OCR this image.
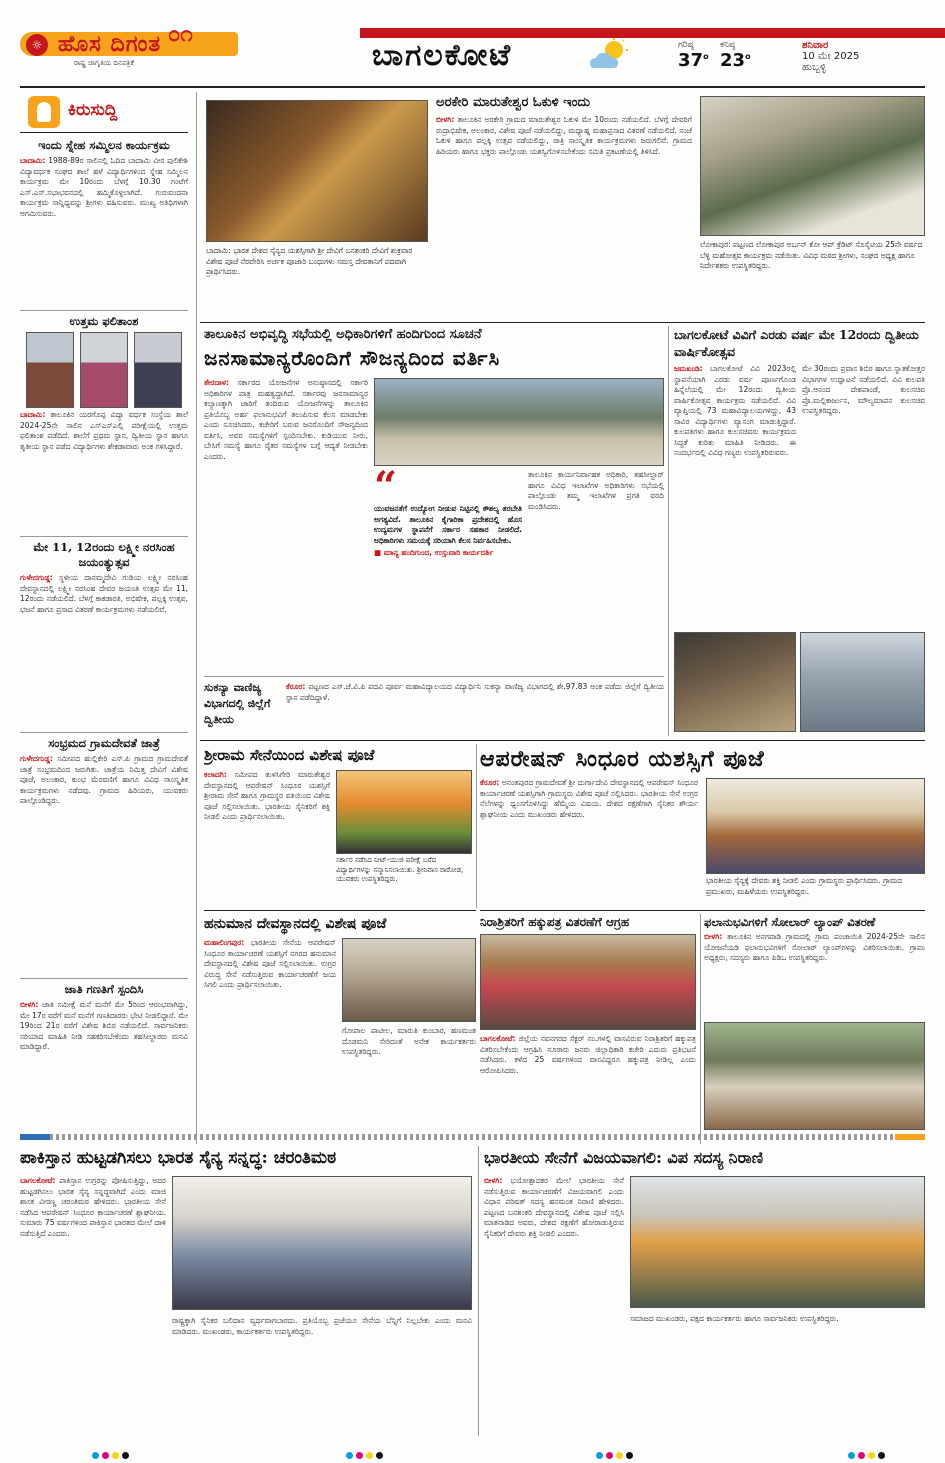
☼ ಹೊಸ ದಿಗಂತ
ರಾಷ್ಟ್ರ ಜಾಗೃತಿಯ ದಿನಪತ್ರಿಕೆ
೦೧
ಬಾಗಲಕೋಟೆ	ಗರಿಷ್ಠ
37$^o$
ಕನಿಷ್ಠ
23$^o$
ಶನಿವಾರ
10 ಮೇ 2025
ಹುಬ್ಬಳ್ಳಿ
ಕಿರುಸುದ್ದಿ
ಇಂದು ಸ್ನೇಹ ಸಮ್ಮಿಲನ ಕಾರ್ಯಕ್ರಮ
ಬಾದಾಮಿ: 1988-89ರ ಸಾಲಿನಲ್ಲಿ ಓದಿದ ಬಾದಾಮಿ ವೀರ ಪುಲಿಕೇಶಿ ವಿದ್ಯಾವರ್ಧಕ ಸಂಘದ ಶಾಲೆ ಹಳೆ ವಿದ್ಯಾರ್ಥಿಗಳಿಂದ ಸ್ನೇಹ ಸಮ್ಮಿಲನ ಕಾರ್ಯಕ್ರಮ ಮೇ 10ರಂದು ಬೆಳಗ್ಗೆ 10.30 ಗಂಟೆಗೆ ಎಸ್.ಎಸ್.ಸಭಾಭವನದಲ್ಲಿ ಹಮ್ಮಿಕೊಳ್ಳಲಾಗಿದೆ. ಗುರುವಂದನಾ ಕಾರ್ಯಕ್ರಮ ಸಾನ್ನಿಧ್ಯವನ್ನು ಶ್ರೀಗಳು ವಹಿಸುವರು. ಮುಖ್ಯ ಅತಿಥಿಗಳಾಗಿ ಆಗಮಿಸುವರು.
ಉತ್ತಮ ಫಲಿತಾಂಶ
ಬಾದಾಮಿ: ತಾಲೂಕಿನ ಯರಗೊಪ್ಪ ವಿದ್ಯಾ ವರ್ಧಕ ಸಂಸ್ಥೆಯ ಶಾಲೆ 2024-25ನೇ ಸಾಲಿನ ಎಸ್ಎಸ್ಎಲ್ಸಿ ಪರೀಕ್ಷೆಯಲ್ಲಿ ಉತ್ತಮ ಫಲಿತಾಂಶ ಪಡೆದಿದೆ. ಶಾಲೆಗೆ ಪ್ರಥಮ ಸ್ಥಾನ, ದ್ವಿತೀಯ ಸ್ಥಾನ ಹಾಗೂ ತೃತೀಯ ಸ್ಥಾನ ಪಡೆದ ವಿದ್ಯಾರ್ಥಿಗಳು ಶೇಕಡಾವಾರು ಅಂಕ ಗಳಿಸಿದ್ದಾರೆ.
ಮೇ 11, 12ರಂದು ಲಕ್ಷ್ಮೀ ನರಸಿಂಹ ಜಯಂತ್ಯುತ್ಸವ
ಗುಳೇದಗುಡ್ಡ: ಸ್ಥಳೀಯ ದಾನಮ್ಮದೇವಿ ಗುಡಿಯ ಲಕ್ಷ್ಮೀ ನರಸಿಂಹ ದೇವಸ್ಥಾನದಲ್ಲಿ ಲಕ್ಷ್ಮೀ ನರಸಿಂಹ ದೇವರ ಜಯಂತಿ ಉತ್ಸವ ಮೇ 11, 12ರಂದು ನಡೆಯಲಿದೆ. ಬೆಳಗ್ಗೆ ಕಾಕಡಾರತಿ, ಅಭಿಷೇಕ, ಪಲ್ಲಕ್ಕಿ ಉತ್ಸವ, ಭಜನೆ ಹಾಗೂ ಪ್ರಸಾದ ವಿತರಣೆ ಕಾರ್ಯಕ್ರಮಗಳು ನಡೆಯಲಿವೆ.
ಸಂಭ್ರಮದ ಗ್ರಾಮದೇವತೆ ಜಾತ್ರೆ
ಗುಳೇದಗುಡ್ಡ: ಸಮೀಪದ ಹುಲ್ಲಿಕೇರಿ ಎಸ್.ಪಿ ಗ್ರಾಮದ ಗ್ರಾಮದೇವತೆ ಜಾತ್ರೆ ಸಂಭ್ರಮದಿಂದ ಜರುಗಿತು. ಜಾತ್ರೆಯ ನಿಮಿತ್ತ ದೇವಿಗೆ ವಿಶೇಷ ಪೂಜೆ, ಅಲಂಕಾರ, ಕುಂಭ ಮೆರವಣಿಗೆ ಹಾಗೂ ವಿವಿಧ ಸಾಂಸ್ಕೃತಿಕ ಕಾರ್ಯಕ್ರಮಗಳು ನಡೆದವು. ಗ್ರಾಮದ ಹಿರಿಯರು, ಯುವಕರು ಪಾಲ್ಗೊಂಡಿದ್ದರು.
ಜಾತಿ ಗಣತಿಗೆ ಸ್ಪಂದಿಸಿ
ಬೀಳಗಿ: ಜಾತಿ ಸಮೀಕ್ಷೆ ಮನೆ ಮನೆಗೆ ಮೇ 5ರಿಂದ ಆರಂಭವಾಗಿದ್ದು, ಮೇ 17ರ ವರೆಗೆ ಮನೆ ಮನೆಗೆ ಗಣತಿದಾರರು ಭೇಟಿ ನೀಡಲಿದ್ದಾರೆ. ಮೇ 19ರಿಂದ 21ರ ವರೆಗೆ ವಿಶೇಷ ಶಿಬಿರ ನಡೆಯಲಿದೆ. ಸಾರ್ವಜನಿಕರು ಸರಿಯಾದ ಮಾಹಿತಿ ನೀಡಿ ಸಹಕರಿಸಬೇಕೆಂದು ತಹಸೀಲ್ದಾರರು ಮನವಿ ಮಾಡಿದ್ದಾರೆ.
ಬಾದಾಮಿ: ಭಾರತ ದೇಶದ ಸೈನ್ಯದ ಯಶಸ್ಸಿಗಾಗಿ ಶ್ರೀ ದೇವಿಗೆ ಬನಶಂಕರಿ ದೇವಿಗೆ ಶುಕ್ರವಾರ ವಿಶೇಷ ಪೂಜೆ ನೆರವೇರಿಸಿ ಅರ್ಚಕ ಪೂಜಾರಿ ಬಂಧುಗಳು ಸಮಸ್ತ ದೇವತಾನಿಗೆ ಪದವಾಗಿ ಪ್ರಾರ್ಥಿಸಿದರು.
ಅರಕೇರಿ ಮಾರುತೇಶ್ವರ ಓಕುಳಿ ಇಂದು
ಬೀಳಗಿ: ತಾಲೂಕಿನ ಅರಕೇರಿ ಗ್ರಾಮದ ಮಾರುತೇಶ್ವರ ಓಕುಳಿ ಮೇ 10ರಂದು ನಡೆಯಲಿದೆ. ಬೆಳಗ್ಗೆ ದೇವರಿಗೆ ರುದ್ರಾಭಿಷೇಕ, ಅಲಂಕಾರ, ವಿಶೇಷ ಪೂಜೆ ನಡೆಯಲಿದ್ದು, ಮಧ್ಯಾಹ್ನ ಮಹಾಪ್ರಸಾದ ವಿತರಣೆ ನಡೆಯಲಿದೆ. ಸಂಜೆ ಓಕುಳಿ ಹಾಗೂ ಪಲ್ಲಕ್ಕಿ ಉತ್ಸವ ನಡೆಯಲಿದ್ದು, ರಾತ್ರಿ ಸಾಂಸ್ಕೃತಿಕ ಕಾರ್ಯಕ್ರಮಗಳು ಜರುಗಲಿವೆ. ಗ್ರಾಮದ ಹಿರಿಯರು ಹಾಗೂ ಭಕ್ತರು ಪಾಲ್ಗೊಂಡು ಯಶಸ್ವಿಗೊಳಿಸಬೇಕೆಂದು ಸಮಿತಿ ಪ್ರಕಟಣೆಯಲ್ಲಿ ತಿಳಿಸಿದೆ.
ಲೋಕಾಪುರ: ಪಟ್ಟಣದ ಲೋಕಾಪುರ ಅರ್ಬನ್ ಕೋ ಆಪ್ ಕ್ರೆಡಿಟ್ ಸೊಸೈಟಿಯ 25ನೇ ವರ್ಷದ ಬೆಳ್ಳಿ ಮಹೋತ್ಸವ ಕಾರ್ಯಕ್ರಮ ನಡೆಯಿತು. ವಿವಿಧ ಮಠದ ಶ್ರೀಗಳು, ಸಂಘದ ಅಧ್ಯಕ್ಷ ಹಾಗೂ ನಿರ್ದೇಶಕರು ಉಪಸ್ಥಿತರಿದ್ದರು.
ತಾಲೂಕಿನ ಅಭಿವೃದ್ಧಿ ಸಭೆಯಲ್ಲಿ ಅಧಿಕಾರಿಗಳಿಗೆ ಹಂದಿಗುಂದ ಸೂಚನೆ
ಜನಸಾಮಾನ್ಯರೊಂದಿಗೆ ಸೌಜನ್ಯದಿಂದ ವರ್ತಿಸಿ
ತೇರದಾಳ: ಸರ್ಕಾರದ ಯೋಜನೆಗಳ ಅನುಷ್ಠಾನದಲ್ಲಿ ಸರ್ಕಾರಿ ಅಧಿಕಾರಿಗಳ ಪಾತ್ರ ಮಹತ್ವದ್ದಾಗಿದೆ. ಸರ್ಕಾರವು ಜನಸಾಮಾನ್ಯರ ಕಲ್ಯಾಣಕ್ಕಾಗಿ ಜಾರಿಗೆ ತಂದಿರುವ ಯೋಜನೆಗಳನ್ನು ತಾಲೂಕಿನ ಪ್ರತಿಯೊಬ್ಬ ಅರ್ಹ ಫಲಾನುಭವಿಗೆ ತಲುಪಿಸುವ ಕೆಲಸ ಮಾಡಬೇಕು ಎಂದು ಸೂಚಿಸಿದರು. ಕಚೇರಿಗೆ ಬರುವ ಜನರೊಂದಿಗೆ ಸೌಜನ್ಯದಿಂದ ವರ್ತಿಸಿ, ಅವರ ಸಮಸ್ಯೆಗಳಿಗೆ ಸ್ಪಂದಿಸಬೇಕು. ಕುಡಿಯುವ ನೀರು, ಬೇಸಿಗೆ ಸಮಸ್ಯೆ ಹಾಗೂ ರೈತರ ಸಮಸ್ಯೆಗಳ ಬಗ್ಗೆ ಆದ್ಯತೆ ನೀಡಬೇಕು ಎಂದರು.
“
ಯುವಜನತೆಗೆ ಉದ್ಯೋಗ ನೀಡುವ ನಿಟ್ಟಿನಲ್ಲಿ ಕೌಶಲ್ಯ ತರಬೇತಿ ಅಗತ್ಯವಿದೆ. ತಾಲೂಕಿನ ಕೈಗಾರಿಕಾ ಪ್ರದೇಶದಲ್ಲಿ ಹೊಸ ಉದ್ಯಮಗಳ ಸ್ಥಾಪನೆಗೆ ಸರ್ಕಾರ ಸಹಕಾರ ನೀಡಲಿದೆ. ಅಧಿಕಾರಿಗಳು ಸಮಯಕ್ಕೆ ಸರಿಯಾಗಿ ಕೆಲಸ ನಿರ್ವಹಿಸಬೇಕು.
■ ಮಾನ್ಯ ಹಂದಿಗುಂದ, ಉಸ್ತುವಾರಿ ಕಾರ್ಯದರ್ಶಿ
ತಾಲೂಕಿನ ಕಾರ್ಯನಿರ್ವಾಹಕ ಅಧಿಕಾರಿ, ತಹಸೀಲ್ದಾರ್ ಹಾಗೂ ವಿವಿಧ ಇಲಾಖೆಗಳ ಅಧಿಕಾರಿಗಳು ಸಭೆಯಲ್ಲಿ ಪಾಲ್ಗೊಂಡು ತಮ್ಮ ಇಲಾಖೆಗಳ ಪ್ರಗತಿ ವರದಿ ಮಂಡಿಸಿದರು.
ಸುಕನ್ಯಾ ವಾಣಿಜ್ಯ ವಿಭಾಗದಲ್ಲಿ ಜಿಲ್ಲೆಗೆ ದ್ವಿತೀಯ
ಕೆರೂರ: ಪಟ್ಟಣದ ಎಸ್.ಜೆ.ವಿ.ಪಿ ಪದವಿ ಪೂರ್ವ ಮಹಾವಿದ್ಯಾಲಯದ ವಿದ್ಯಾರ್ಥಿನಿ ಸುಕನ್ಯಾ ವಾಣಿಜ್ಯ ವಿಭಾಗದಲ್ಲಿ ಶೇ.97.83 ಅಂಕ ಪಡೆದು ಜಿಲ್ಲೆಗೆ ದ್ವಿತೀಯ ಸ್ಥಾನ ಪಡೆದಿದ್ದಾಳೆ.
ಬಾಗಲಕೋಟೆ ವಿವಿಗೆ ಎರಡು ವರ್ಷ ಮೇ 12ರಂದು ದ್ವಿತೀಯ ವಾರ್ಷಿಕೋತ್ಸವ
ಜಮಖಂಡಿ: ಬಾಗಲಕೋಟೆ ವಿವಿ 2023ರಲ್ಲಿ ಸ್ಥಾಪನೆಯಾಗಿ ಎರಡು ವರ್ಷ ಪೂರ್ಣಗೊಂಡ ಹಿನ್ನೆಲೆಯಲ್ಲಿ ಮೇ 12ರಂದು ದ್ವಿತೀಯ ವಾರ್ಷಿಕೋತ್ಸವ ಕಾರ್ಯಕ್ರಮ ನಡೆಯಲಿದೆ. ವಿವಿ ವ್ಯಾಪ್ತಿಯಲ್ಲಿ 73 ಮಹಾವಿದ್ಯಾಲಯಗಳಿದ್ದು, 43 ಸಾವಿರ ವಿದ್ಯಾರ್ಥಿಗಳು ವ್ಯಾಸಂಗ ಮಾಡುತ್ತಿದ್ದಾರೆ. ಕುಲಪತಿಗಳು ಹಾಗೂ ಕುಲಸಚಿವರು ಕಾರ್ಯಕ್ರಮದ ಸಿದ್ಧತೆ ಕುರಿತು ಮಾಹಿತಿ ನೀಡಿದರು. ಈ ಸಂದರ್ಭದಲ್ಲಿ ವಿವಿಧ ಗಣ್ಯರು ಉಪಸ್ಥಿತರಿರುವರು.
ಮೇ 30ರಂದು ಪ್ರವಾಸ ಶಿಬಿರ ಹಾಗೂ ಸ್ನಾತಕೋತ್ತರ ವಿಭಾಗಗಳ ಉದ್ಘಾಟನೆ ನಡೆಯಲಿದೆ. ವಿವಿ ಕುಲಪತಿ ಪ್ರೊ.ಆನಂದ ದೇಶಪಾಂಡೆ, ಕುಲಸಚಿವ ಪ್ರೊ.ಮಲ್ಲಿಕಾರ್ಜುನ, ಮೌಲ್ಯಮಾಪನ ಕುಲಸಚಿವ ಉಪಸ್ಥಿತರಿದ್ದರು.
ಶ್ರೀರಾಮ ಸೇನೆಯಿಂದ ವಿಶೇಷ ಪೂಜೆ
ಕಲಾದಗಿ: ಸಮೀಪದ ತುಳಸಿಗೇರಿ ಮಾರುತೇಶ್ವರ ದೇವಸ್ಥಾನದಲ್ಲಿ ಆಪರೇಷನ್ ಸಿಂಧೂರ ಯಶಸ್ಸಿಗೆ ಶ್ರೀರಾಮ ಸೇನೆ ಹಾಗೂ ಗ್ರಾಮಸ್ಥರ ವತಿಯಿಂದ ವಿಶೇಷ ಪೂಜೆ ಸಲ್ಲಿಸಲಾಯಿತು. ಭಾರತೀಯ ಸೈನಿಕರಿಗೆ ಶಕ್ತಿ ನೀಡಲಿ ಎಂದು ಪ್ರಾರ್ಥಿಸಲಾಯಿತು.
ಸರ್ಕಾರ ನಡೆಸಿದ ನೀಟ್-ಯುಜಿ ಪರೀಕ್ಷೆ ಬರೆದ ವಿದ್ಯಾರ್ಥಿಗಳನ್ನು ಸನ್ಮಾನಿಸಲಾಯಿತು. ಶ್ರೀನಿವಾಸ ರಾಠೋಡ, ಯುವಕರು ಉಪಸ್ಥಿತರಿದ್ದರು.
ಆಪರೇಷನ್ ಸಿಂಧೂರ ಯಶಸ್ಸಿಗೆ ಪೂಜೆ
ಕೆರೂರ: ಅನಂತಪುರದ ಗ್ರಾಮದೇವತೆ ಶ್ರೀ ದುರ್ಗಾದೇವಿ ದೇವಸ್ಥಾನದಲ್ಲಿ ಆಪರೇಷನ್ ಸಿಂಧೂರ ಕಾರ್ಯಾಚರಣೆ ಯಶಸ್ಸಿಗಾಗಿ ಗ್ರಾಮಸ್ಥರು ವಿಶೇಷ ಪೂಜೆ ಸಲ್ಲಿಸಿದರು. ಭಾರತೀಯ ಸೇನೆ ಉಗ್ರರ ನೆಲೆಗಳನ್ನು ಧ್ವಂಸಗೊಳಿಸಿದ್ದು ಹೆಮ್ಮೆಯ ವಿಷಯ. ದೇಶದ ರಕ್ಷಣೆಗಾಗಿ ಸೈನಿಕರ ಶೌರ್ಯ ಶ್ಲಾಘನೀಯ ಎಂದು ಮುಖಂಡರು ಹೇಳಿದರು.
ಭಾರತೀಯ ಸೈನ್ಯಕ್ಕೆ ದೇವರು ಶಕ್ತಿ ನೀಡಲಿ ಎಂದು ಗ್ರಾಮಸ್ಥರು ಪ್ರಾರ್ಥಿಸಿದರು. ಗ್ರಾಮದ ಪ್ರಮುಖರು, ಮಹಿಳೆಯರು ಉಪಸ್ಥಿತರಿದ್ದರು.
ನಿರಾಶ್ರಿತರಿಗೆ ಹಕ್ಕುಪತ್ರ ವಿತರಣೆಗೆ ಆಗ್ರಹ
ಬಾಗಲಕೋಟೆ: ಜಿಲ್ಲೆಯ ನವನಗರದ ಸೆಕ್ಟರ್ ನಂ.ಗಳಲ್ಲಿ ವಾಸವಿರುವ ನಿರಾಶ್ರಿತರಿಗೆ ಹಕ್ಕುಪತ್ರ ವಿತರಿಸಬೇಕೆಂದು ಆಗ್ರಹಿಸಿ ನೂರಾರು ಜನರು ಜಿಲ್ಲಾಧಿಕಾರಿ ಕಚೇರಿ ಎದುರು ಪ್ರತಿಭಟನೆ ನಡೆಸಿದರು. ಕಳೆದ 25 ವರ್ಷಗಳಿಂದ ವಾಸವಿದ್ದರೂ ಹಕ್ಕುಪತ್ರ ನೀಡಿಲ್ಲ ಎಂದು ಆರೋಪಿಸಿದರು.
ಫಲಾನುಭವಿಗಳಿಗೆ ಸೋಲಾರ್ ಲ್ಯಾಂಪ್ ವಿತರಣೆ
ಬೀಳಗಿ: ತಾಲೂಕಿನ ಅನಗವಾಡಿ ಗ್ರಾಮದಲ್ಲಿ ಗ್ರಾಮ ಪಂಚಾಯಿತಿ 2024-25ನೇ ಸಾಲಿನ ಯೋಜನೆಯಡಿ ಫಲಾನುಭವಿಗಳಿಗೆ ಸೋಲಾರ್ ಲ್ಯಾಂಪ್‌ಗಳನ್ನು ವಿತರಿಸಲಾಯಿತು. ಗ್ರಾಪಂ ಅಧ್ಯಕ್ಷರು, ಸದಸ್ಯರು ಹಾಗೂ ಪಿಡಿಒ ಉಪಸ್ಥಿತರಿದ್ದರು.
ಹನುಮಾನ ದೇವಸ್ಥಾನದಲ್ಲಿ ವಿಶೇಷ ಪೂಜೆ
ಮಹಾಲಿಂಗಪುರ: ಭಾರತೀಯ ಸೇನೆಯ ಆಪರೇಷನ್ ಸಿಂಧೂರ ಕಾರ್ಯಾಚರಣೆ ಯಶಸ್ಸಿಗೆ ನಗರದ ಹನುಮಾನ ದೇವಸ್ಥಾನದಲ್ಲಿ ವಿಶೇಷ ಪೂಜೆ ಸಲ್ಲಿಸಲಾಯಿತು. ಉಗ್ರರ ವಿರುದ್ಧ ಸೇನೆ ನಡೆಸುತ್ತಿರುವ ಕಾರ್ಯಾಚರಣೆಗೆ ಜಯ ಸಿಗಲಿ ಎಂದು ಪ್ರಾರ್ಥಿಸಲಾಯಿತು.
ಗೋಪಾಲ ಪಾಟೀಲ, ಮಾರುತಿ ಕುಂಬಾರ, ಹಣಮಂತ ದೊಡಮನಿ ಸೇರಿದಂತೆ ಅನೇಕ ಕಾರ್ಯಕರ್ತರು ಉಪಸ್ಥಿತರಿದ್ದರು.
ಪಾಕಿಸ್ತಾನ ಹುಟ್ಟಡಗಿಸಲು ಭಾರತ ಸೈನ್ಯ ಸನ್ನದ್ಧ: ಚರಂತಿಮಠ
ಬಾಗಲಕೋಟೆ: ಪಾಕಿಸ್ತಾನ ಉಗ್ರರನ್ನು ಪೋಷಿಸುತ್ತಿದ್ದು, ಅದರ ಹುಟ್ಟಡಗಿಸಲು ಭಾರತ ಸೈನ್ಯ ಸನ್ನದ್ಧವಾಗಿದೆ ಎಂದು ಮಾಜಿ ಶಾಸಕ ವೀರಣ್ಣ ಚರಂತಿಮಠ ಹೇಳಿದರು. ಭಾರತೀಯ ಸೇನೆ ನಡೆಸಿದ ಆಪರೇಷನ್ ಸಿಂಧೂರ ಕಾರ್ಯಾಚರಣೆ ಶ್ಲಾಘನೀಯ. ಸುಮಾರು 75 ವರ್ಷಗಳಿಂದ ಪಾಕಿಸ್ತಾನ ಭಾರತದ ಮೇಲೆ ದಾಳಿ ನಡೆಸುತ್ತಿದೆ ಎಂದರು.
ರಾಷ್ಟ್ರಕ್ಕಾಗಿ ಸೈನಿಕರ ಬಲಿದಾನ ವ್ಯರ್ಥವಾಗಬಾರದು. ಪ್ರತಿಯೊಬ್ಬ ಪ್ರಜೆಯೂ ಸೇನೆಯ ಬೆನ್ನಿಗೆ ನಿಲ್ಲಬೇಕು ಎಂದು ಮನವಿ ಮಾಡಿದರು. ಮುಖಂಡರು, ಕಾರ್ಯಕರ್ತರು ಉಪಸ್ಥಿತರಿದ್ದರು.
ಭಾರತೀಯ ಸೇನೆಗೆ ವಿಜಯವಾಗಲಿ: ವಿಪ ಸದಸ್ಯ ನಿರಾಣಿ
ಬೀಳಗಿ: ಭಯೋತ್ಪಾದಕರ ಮೇಲೆ ಭಾರತೀಯ ಸೇನೆ ನಡೆಸುತ್ತಿರುವ ಕಾರ್ಯಾಚರಣೆಗೆ ವಿಜಯವಾಗಲಿ ಎಂದು ವಿಧಾನ ಪರಿಷತ್ ಸದಸ್ಯ ಹನಮಂತ ನಿರಾಣಿ ಹೇಳಿದರು. ಪಟ್ಟಣದ ಬನಶಂಕರಿ ದೇವಸ್ಥಾನದಲ್ಲಿ ವಿಶೇಷ ಪೂಜೆ ಸಲ್ಲಿಸಿ ಮಾತನಾಡಿದ ಅವರು, ದೇಶದ ರಕ್ಷಣೆಗೆ ಹೋರಾಡುತ್ತಿರುವ ಸೈನಿಕರಿಗೆ ದೇವರು ಶಕ್ತಿ ನೀಡಲಿ ಎಂದರು.
ಸಮಾಜದ ಮುಖಂಡರು, ಪಕ್ಷದ ಕಾರ್ಯಕರ್ತರು ಹಾಗೂ ಸಾರ್ವಜನಿಕರು ಉಪಸ್ಥಿತರಿದ್ದರು.
